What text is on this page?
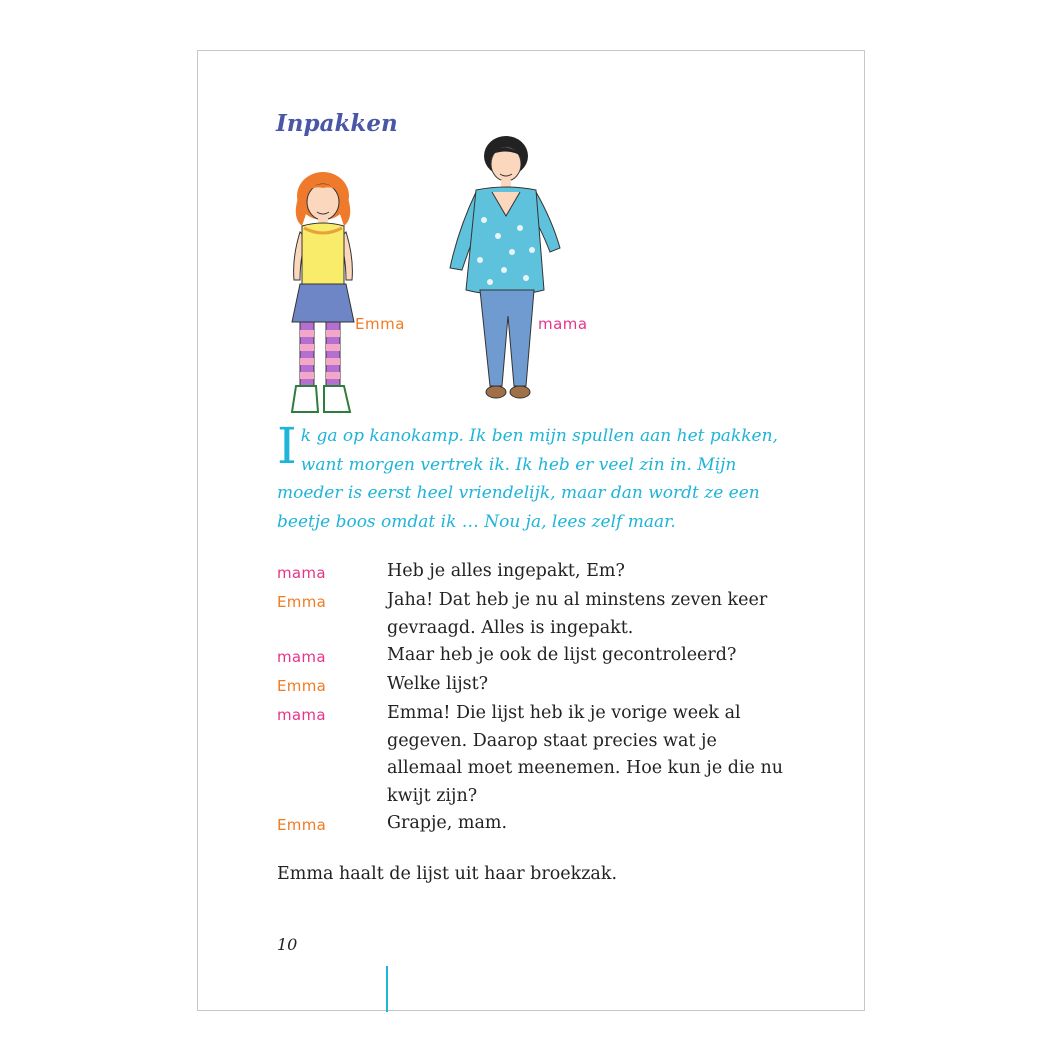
Inpakken
Emma	mama

Ik ga op kanokamp. Ik ben mijn spullen aan het pakken, want morgen vertrek ik. Ik heb er veel zin in. Mijn moeder is eerst heel vriendelijk, maar dan wordt ze een beetje boos omdat ik … Nou ja, lees zelf maar.

mama	Heb je alles ingepakt, Em?
Emma	Jaha! Dat heb je nu al minstens zeven keer gevraagd. Alles is ingepakt.
mama	Maar heb je ook de lijst gecontroleerd?
Emma	Welke lijst?
mama	Emma! Die lijst heb ik je vorige week al gegeven. Daarop staat precies wat je allemaal moet meenemen. Hoe kun je die nu kwijt zijn?
Emma	Grapje, mam.

Emma haalt de lijst uit haar broekzak.

10
